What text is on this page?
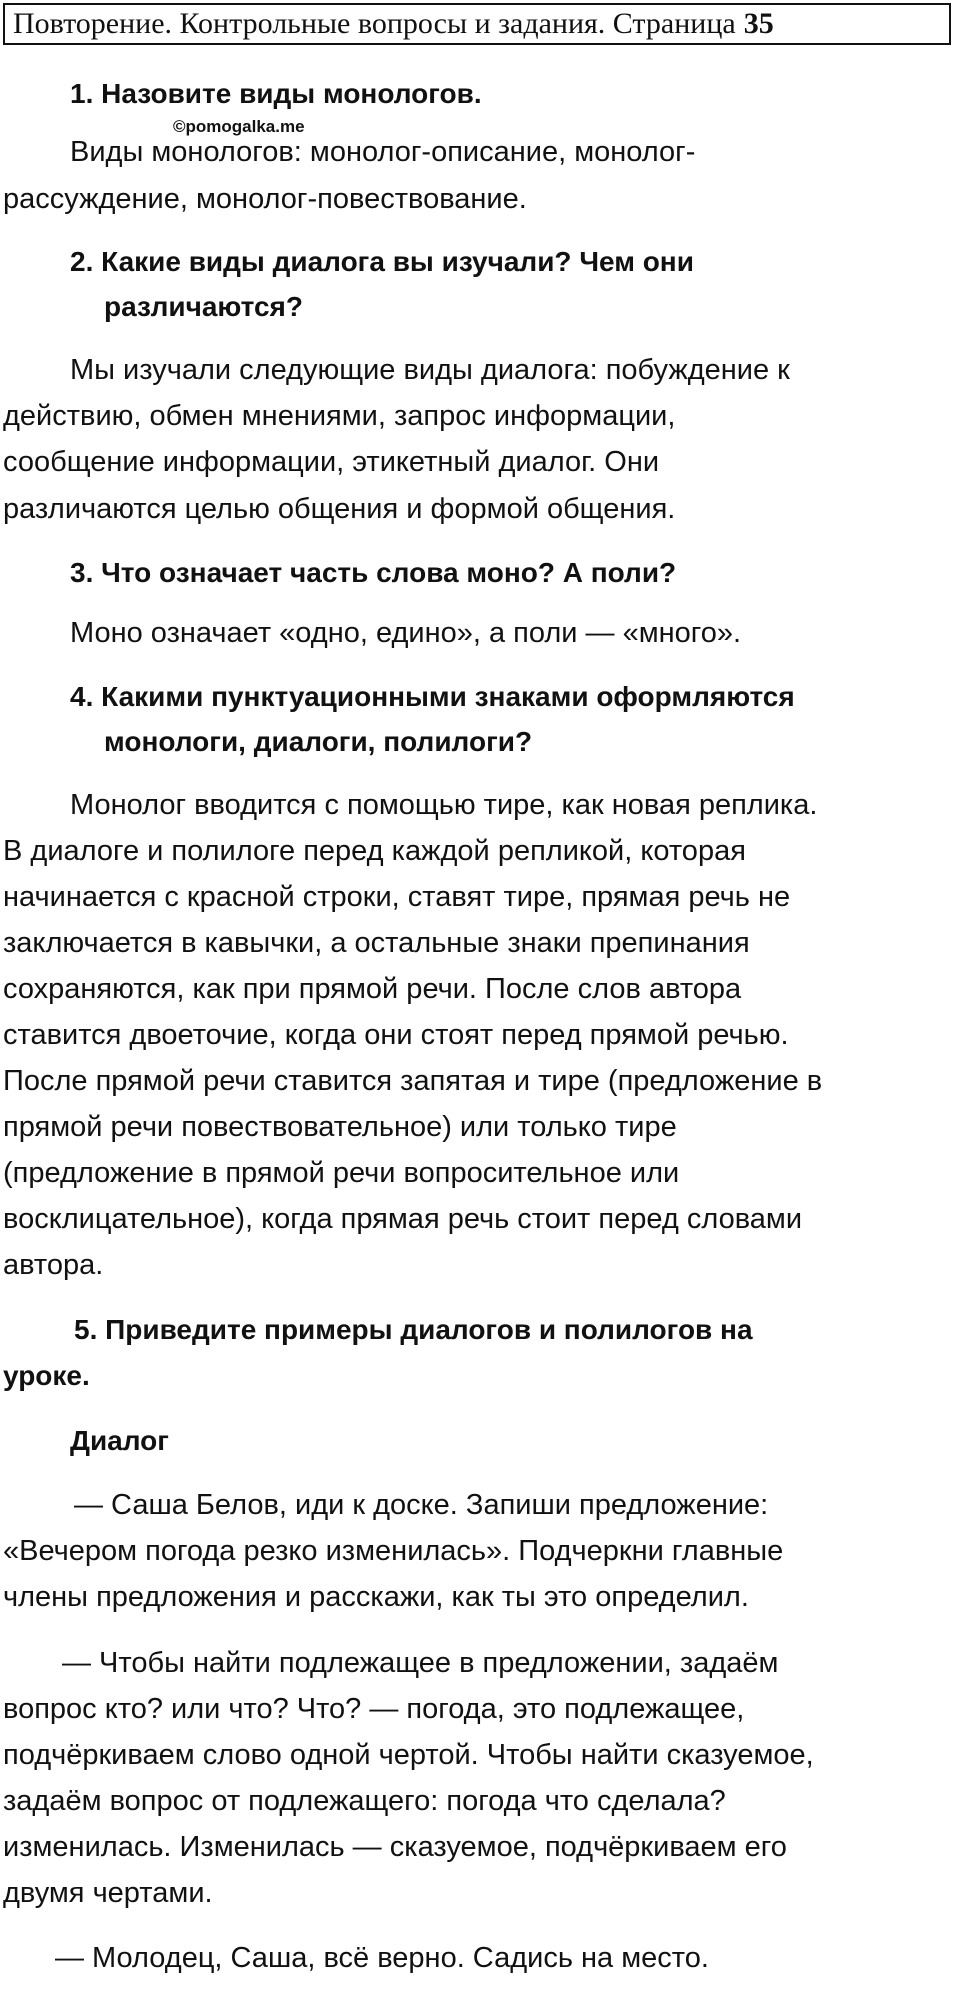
Повторение. Контрольные вопросы и задания. Страница 35
1. Назовите виды монологов.
©pomogalka.me
Виды монологов: монолог-описание, монолог-
рассуждение, монолог-повествование.
2. Какие виды диалога вы изучали? Чем они
различаются?
Мы изучали следующие виды диалога: побуждение к
действию, обмен мнениями, запрос информации,
сообщение информации, этикетный диалог. Они
различаются целью общения и формой общения.
3. Что означает часть слова моно? А поли?
Моно означает «одно, едино», а поли — «много».
4. Какими пунктуационными знаками оформляются
монологи, диалоги, полилоги?
Монолог вводится с помощью тире, как новая реплика.
В диалоге и полилоге перед каждой репликой, которая
начинается с красной строки, ставят тире, прямая речь не
заключается в кавычки, а остальные знаки препинания
сохраняются, как при прямой речи. После слов автора
ставится двоеточие, когда они стоят перед прямой речью.
После прямой речи ставится запятая и тире (предложение в
прямой речи повествовательное) или только тире
(предложение в прямой речи вопросительное или
восклицательное), когда прямая речь стоит перед словами
автора.
5. Приведите примеры диалогов и полилогов на
уроке.
Диалог
— Саша Белов, иди к доске. Запиши предложение:
«Вечером погода резко изменилась». Подчеркни главные
члены предложения и расскажи, как ты это определил.
— Чтобы найти подлежащее в предложении, задаём
вопрос кто? или что? Что? — погода, это подлежащее,
подчёркиваем слово одной чертой. Чтобы найти сказуемое,
задаём вопрос от подлежащего: погода что сделала?
изменилась. Изменилась — сказуемое, подчёркиваем его
двумя чертами.
— Молодец, Саша, всё верно. Садись на место.
